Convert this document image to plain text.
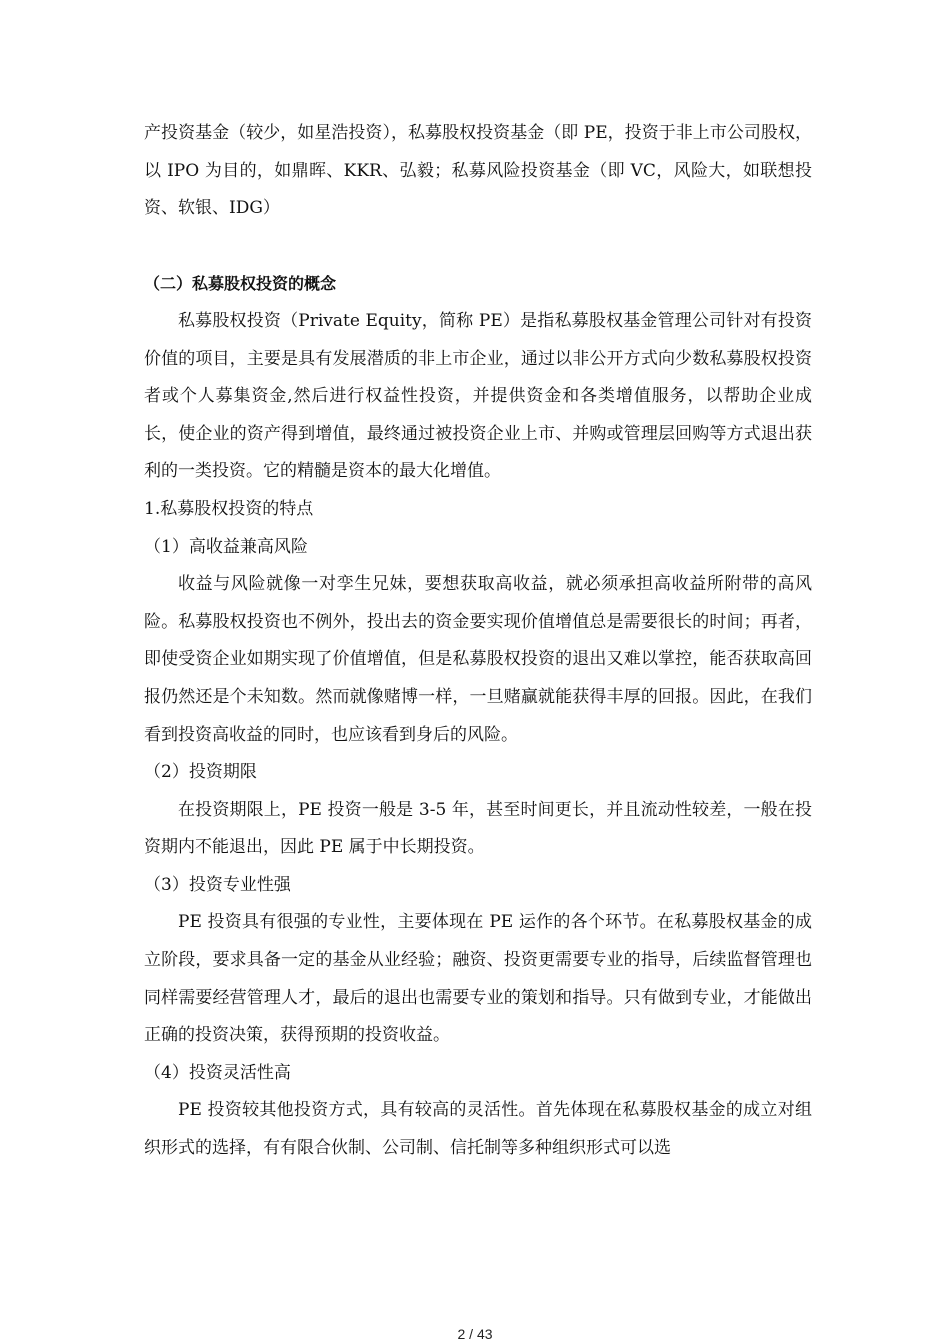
产投资基金（较少，如星浩投资），私募股权投资基金（即 PE，投资于非上市公司股权，以 IPO 为目的，如鼎晖、KKR、弘毅；私募风险投资基金（即 VC，风险大，如联想投资、软银、IDG）

（二）私募股权投资的概念

私募股权投资（Private Equity，简称 PE）是指私募股权基金管理公司针对有投资价值的项目，主要是具有发展潜质的非上市企业，通过以非公开方式向少数私募股权投资者或个人募集资金,然后进行权益性投资，并提供资金和各类增值服务，以帮助企业成长，使企业的资产得到增值，最终通过被投资企业上市、并购或管理层回购等方式退出获利的一类投资。它的精髓是资本的最大化增值。

1.私募股权投资的特点

（1）高收益兼高风险

收益与风险就像一对孪生兄妹，要想获取高收益，就必须承担高收益所附带的高风险。私募股权投资也不例外，投出去的资金要实现价值增值总是需要很长的时间；再者，即使受资企业如期实现了价值增值，但是私募股权投资的退出又难以掌控，能否获取高回报仍然还是个未知数。然而就像赌博一样，一旦赌赢就能获得丰厚的回报。因此，在我们看到投资高收益的同时，也应该看到身后的风险。

（2）投资期限

在投资期限上，PE 投资一般是 3-5 年，甚至时间更长，并且流动性较差，一般在投资期内不能退出，因此 PE 属于中长期投资。

（3）投资专业性强

PE 投资具有很强的专业性，主要体现在 PE 运作的各个环节。在私募股权基金的成立阶段，要求具备一定的基金从业经验；融资、投资更需要专业的指导，后续监督管理也同样需要经营管理人才，最后的退出也需要专业的策划和指导。只有做到专业，才能做出正确的投资决策，获得预期的投资收益。

（4）投资灵活性高

PE 投资较其他投资方式，具有较高的灵活性。首先体现在私募股权基金的成立对组织形式的选择，有有限合伙制、公司制、信托制等多种组织形式可以选

2 / 43
